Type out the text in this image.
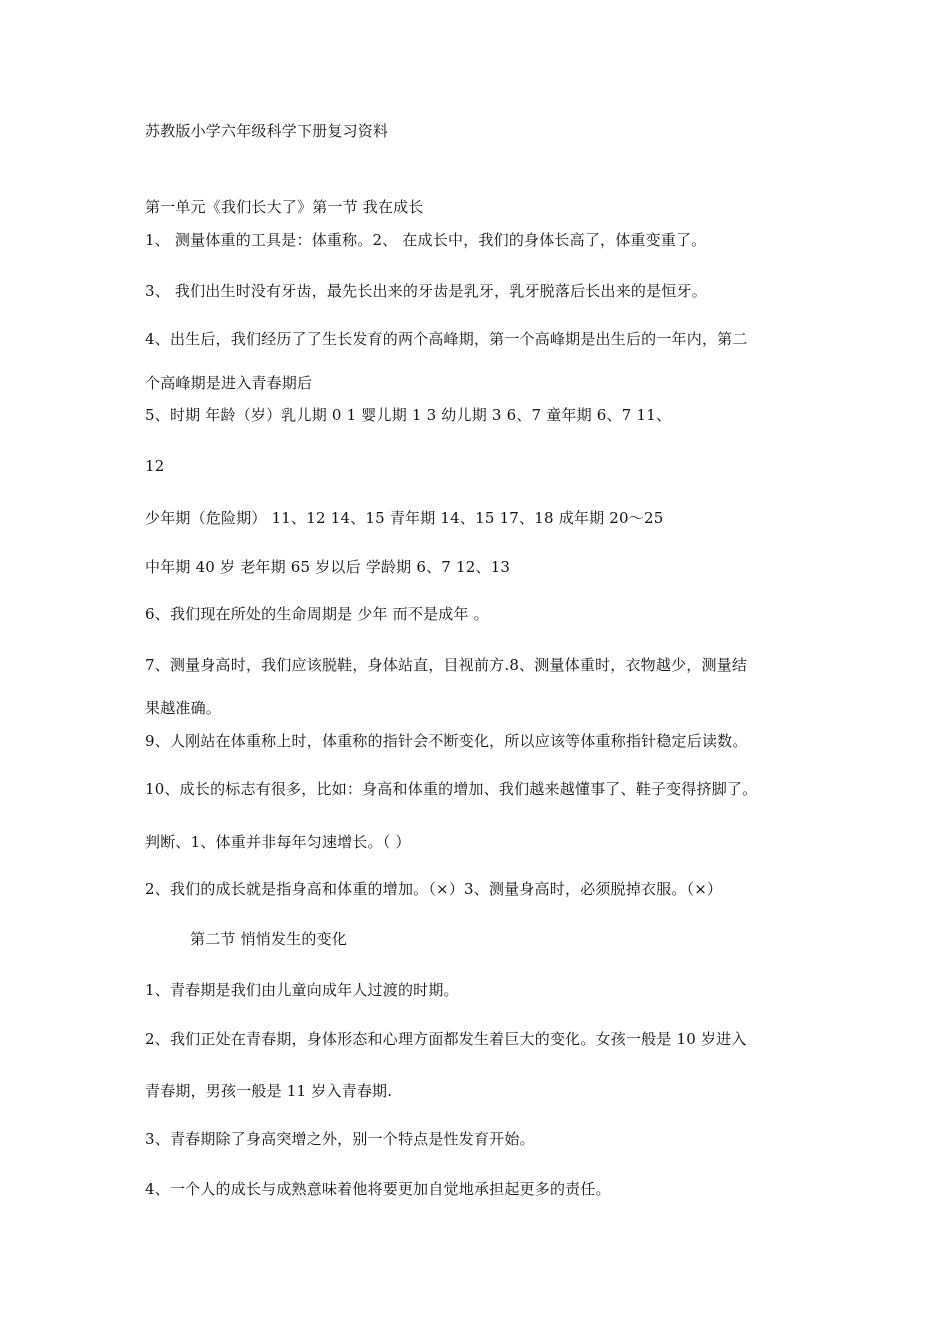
苏教版小学六年级科学下册复习资料
第一单元《我们长大了》第一节 我在成长
1、 测量体重的工具是：体重称。2、 在成长中，我们的身体长高了，体重变重了。
3、 我们出生时没有牙齿，最先长出来的牙齿是乳牙，乳牙脱落后长出来的是恒牙。
4、出生后，我们经历了了生长发育的两个高峰期，第一个高峰期是出生后的一年内，第二
个高峰期是进入青春期后
5、时期 年龄（岁）乳儿期 0 1 婴儿期 1 3 幼儿期 3 6、7 童年期 6、7 11、
12
少年期（危险期） 11、12 14、15 青年期 14、15 17、18 成年期 20～25
中年期 40 岁 老年期 65 岁以后 学龄期 6、7 12、13
6、我们现在所处的生命周期是 少年 而不是成年 。
7、测量身高时，我们应该脱鞋，身体站直，目视前方.8、测量体重时，衣物越少，测量结
果越准确。
9、人刚站在体重称上时，体重称的指针会不断变化，所以应该等体重称指针稳定后读数。
10、成长的标志有很多，比如：身高和体重的增加、我们越来越懂事了、鞋子变得挤脚了。
判断、1、体重并非每年匀速增长。（ ）
2、我们的成长就是指身高和体重的增加。（×）3、测量身高时，必须脱掉衣服。（×）
第二节 悄悄发生的变化
1、青春期是我们由儿童向成年人过渡的时期。
2、我们正处在青春期，身体形态和心理方面都发生着巨大的变化。女孩一般是 10 岁进入
青春期，男孩一般是 11 岁入青春期.
3、青春期除了身高突增之外，别一个特点是性发育开始。
4、一个人的成长与成熟意味着他将要更加自觉地承担起更多的责任。
